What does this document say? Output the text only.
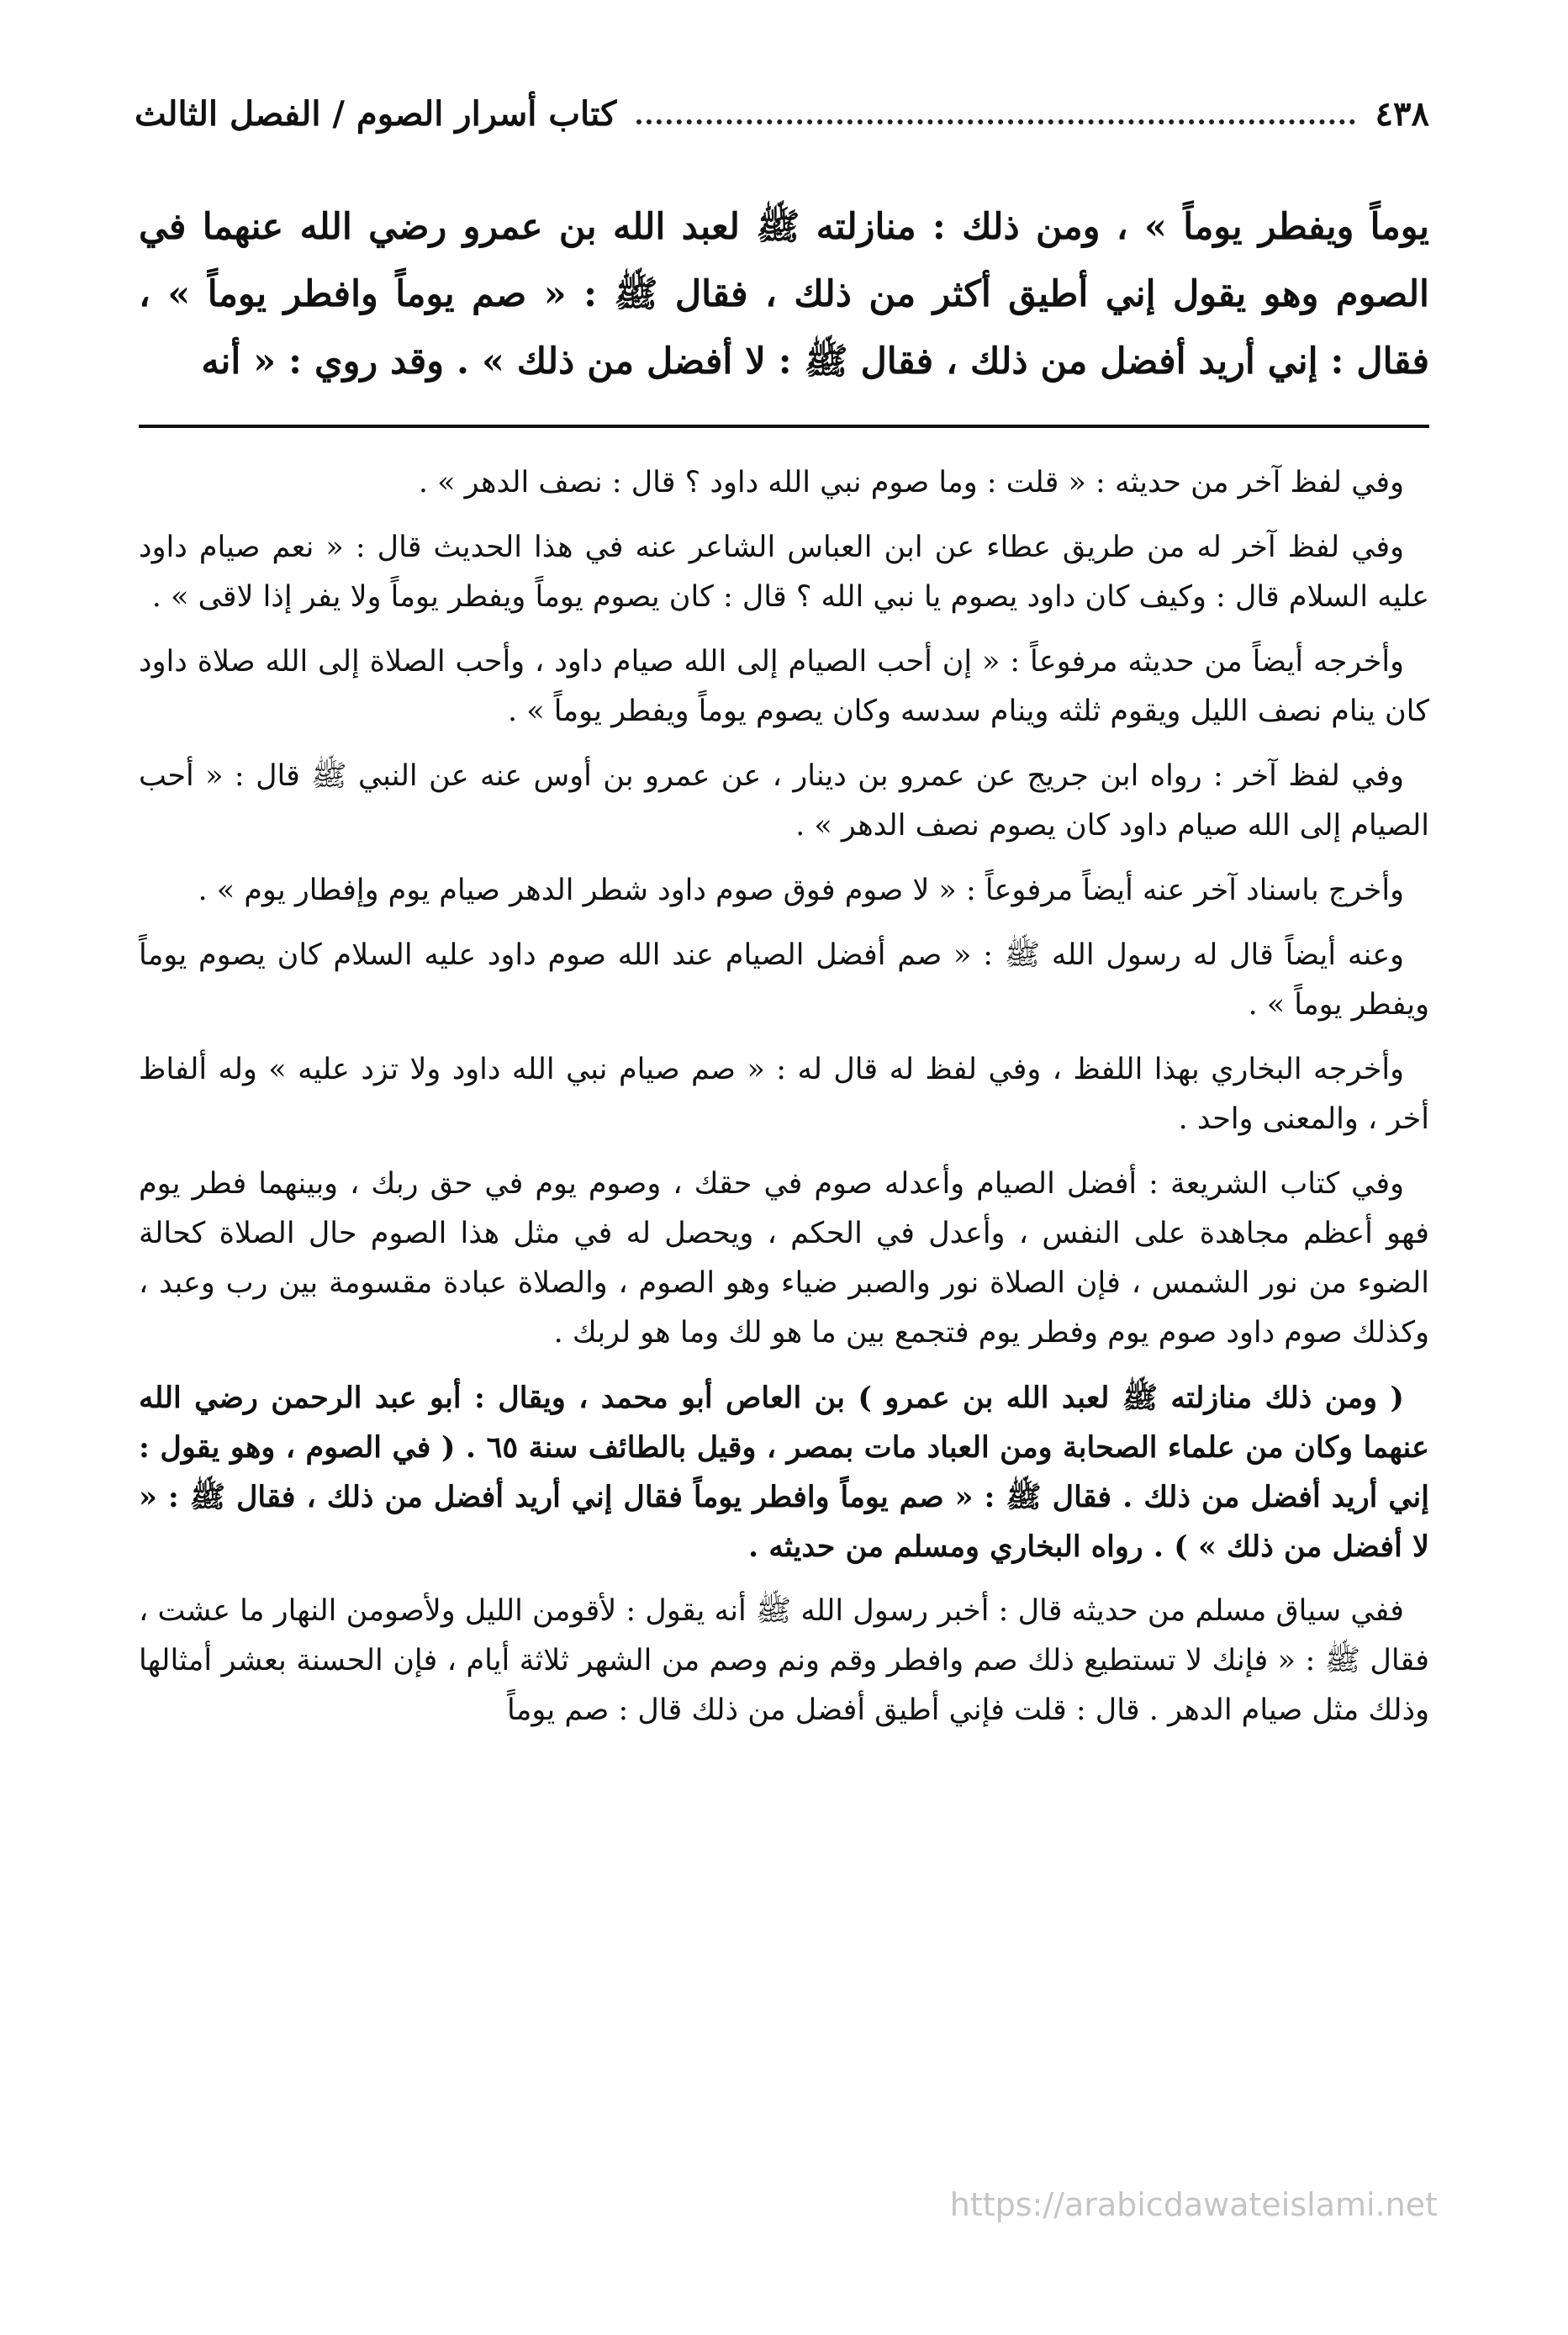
٤٣٨
كتاب أسرار الصوم / الفصل الثالث
يوماً ويفطر يوماً » ، ومن ذلك : منازلته ﷺ لعبد الله بن عمرو رضي الله عنهما في الصوم وهو يقول إني أطيق أكثر من ذلك ، فقال ﷺ : « صم يوماً وافطر يوماً » ، فقال : إني أريد أفضل من ذلك ، فقال ﷺ : لا أفضل من ذلك » . وقد روي : « أنه

وفي لفظ آخر من حديثه : « قلت : وما صوم نبي الله داود ؟ قال : نصف الدهر » .

وفي لفظ آخر له من طريق عطاء عن ابن العباس الشاعر عنه في هذا الحديث قال : « نعم صيام داود عليه السلام قال : وكيف كان داود يصوم يا نبي الله ؟ قال : كان يصوم يوماً ويفطر يوماً ولا يفر إذا لاقى » .

وأخرجه أيضاً من حديثه مرفوعاً : « إن أحب الصيام إلى الله صيام داود ، وأحب الصلاة إلى الله صلاة داود كان ينام نصف الليل ويقوم ثلثه وينام سدسه وكان يصوم يوماً ويفطر يوماً » .

وفي لفظ آخر : رواه ابن جريج عن عمرو بن دينار ، عن عمرو بن أوس عنه عن النبي ﷺ قال : « أحب الصيام إلى الله صيام داود كان يصوم نصف الدهر » .

وأخرج باسناد آخر عنه أيضاً مرفوعاً : « لا صوم فوق صوم داود شطر الدهر صيام يوم وإفطار يوم » .

وعنه أيضاً قال له رسول الله ﷺ : « صم أفضل الصيام عند الله صوم داود عليه السلام كان يصوم يوماً ويفطر يوماً » .

وأخرجه البخاري بهذا اللفظ ، وفي لفظ له قال له : « صم صيام نبي الله داود ولا تزد عليه » وله ألفاظ أخر ، والمعنى واحد .

وفي كتاب الشريعة : أفضل الصيام وأعدله صوم في حقك ، وصوم يوم في حق ربك ، وبينهما فطر يوم فهو أعظم مجاهدة على النفس ، وأعدل في الحكم ، ويحصل له في مثل هذا الصوم حال الصلاة كحالة الضوء من نور الشمس ، فإن الصلاة نور والصبر ضياء وهو الصوم ، والصلاة عبادة مقسومة بين رب وعبد ، وكذلك صوم داود صوم يوم وفطر يوم فتجمع بين ما هو لك وما هو لربك .

( ومن ذلك منازلته ﷺ لعبد الله بن عمرو ) بن العاص أبو محمد ، ويقال : أبو عبد الرحمن رضي الله عنهما وكان من علماء الصحابة ومن العباد مات بمصر ، وقيل بالطائف سنة ٦٥ . ( في الصوم ، وهو يقول : إني أريد أفضل من ذلك . فقال ﷺ : « صم يوماً وافطر يوماً فقال إني أريد أفضل من ذلك ، فقال ﷺ : « لا أفضل من ذلك » ) . رواه البخاري ومسلم من حديثه .

ففي سياق مسلم من حديثه قال : أخبر رسول الله ﷺ أنه يقول : لأقومن الليل ولأصومن النهار ما عشت ، فقال ﷺ : « فإنك لا تستطيع ذلك صم وافطر وقم ونم وصم من الشهر ثلاثة أيام ، فإن الحسنة بعشر أمثالها وذلك مثل صيام الدهر . قال : قلت فإني أطيق أفضل من ذلك قال : صم يوماً

https://arabicdawateislami.net
